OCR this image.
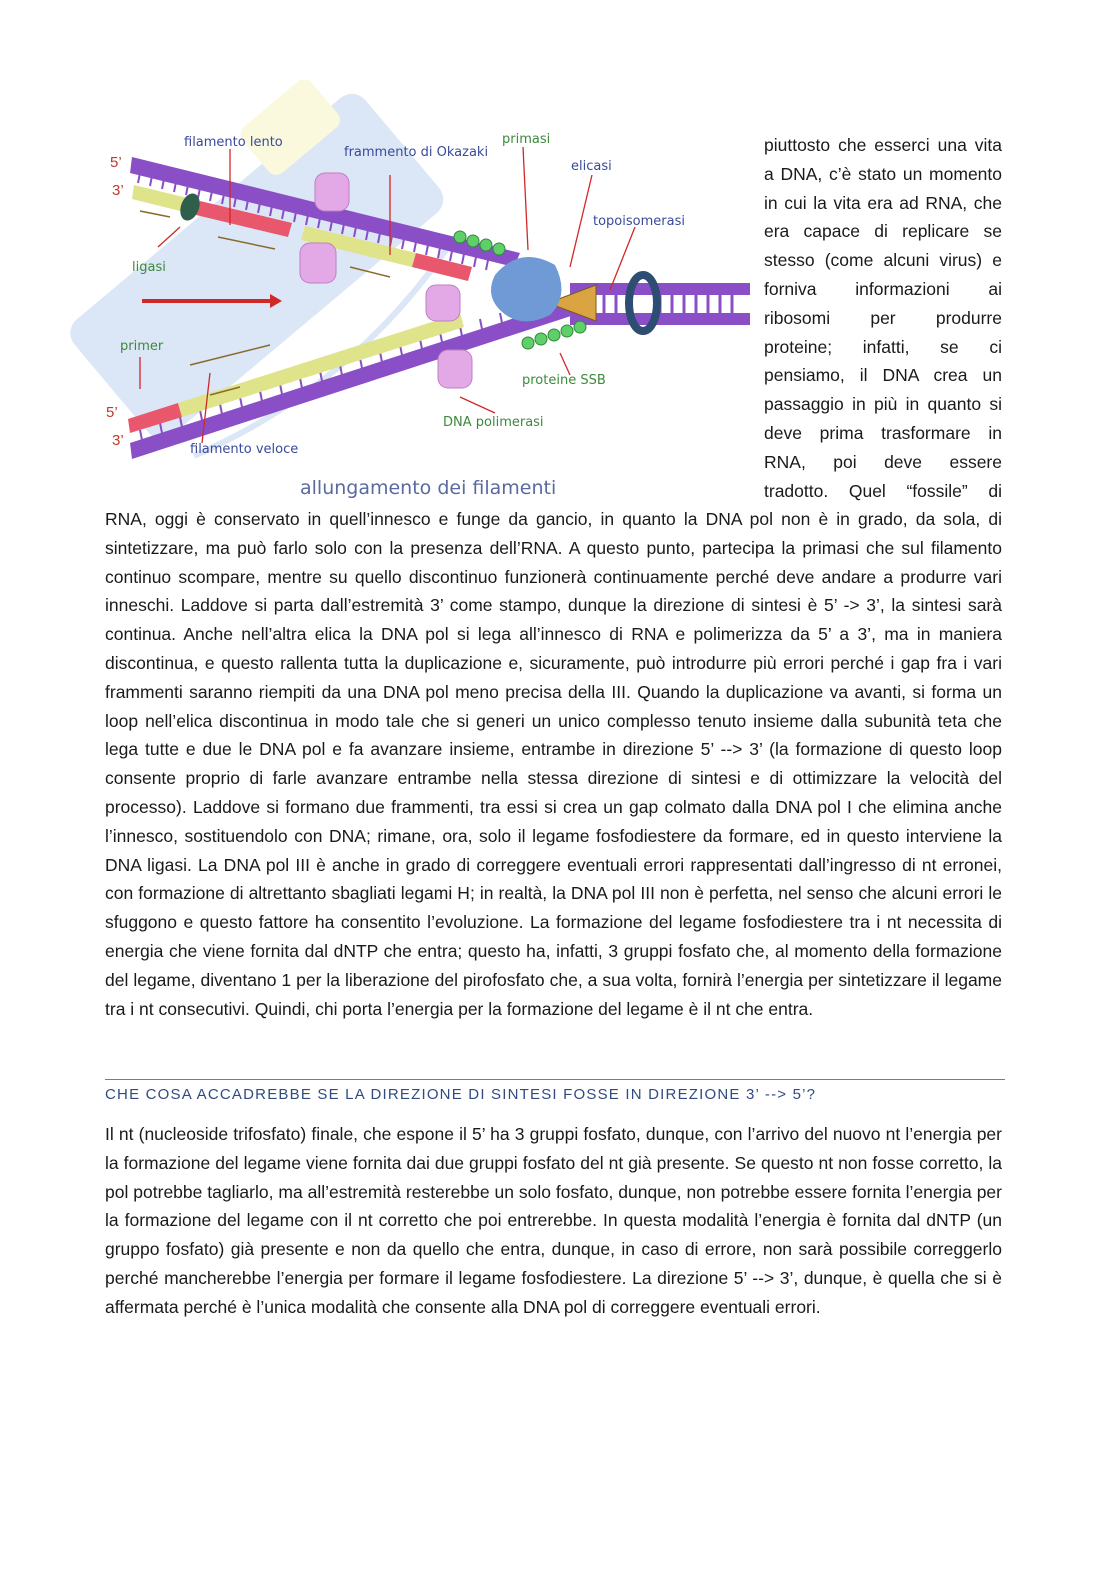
5’
3’
5’
3’
filamento lento
frammento di Okazaki
primasi
elicasi
topoisomerasi
ligasi
primer
proteine SSB
DNA polimerasi
filamento veloce
allungamento dei filamenti

piuttosto che esserci una vita a DNA, c’è stato un momento in cui la vita era ad RNA, che era capace di replicare se stesso (come alcuni virus) e forniva informazioni ai ribosomi per produrre proteine; infatti, se ci pensiamo, il DNA crea un passaggio in più in quanto si deve prima trasformare in RNA, poi deve essere tradotto. Quel “fossile” di

RNA, oggi è conservato in quell’innesco e funge da gancio, in quanto la DNA pol non è in grado, da sola, di sintetizzare, ma può farlo solo con la presenza dell’RNA. A questo punto, partecipa la primasi che sul filamento continuo scompare, mentre su quello discontinuo funzionerà continuamente perché deve andare a produrre vari inneschi. Laddove si parta dall’estremità 3’ come stampo, dunque la direzione di sintesi è 5’ -> 3’, la sintesi sarà continua. Anche nell’altra elica la DNA pol si lega all’innesco di RNA e polimerizza da 5’ a 3’, ma in maniera discontinua, e questo rallenta tutta la duplicazione e, sicuramente, può introdurre più errori perché i gap fra i vari frammenti saranno riempiti da una DNA pol meno precisa della III. Quando la duplicazione va avanti, si forma un loop nell’elica discontinua in modo tale che si generi un unico complesso tenuto insieme dalla subunità teta che lega tutte e due le DNA pol e fa avanzare insieme, entrambe in direzione 5’ --> 3’ (la formazione di questo loop consente proprio di farle avanzare entrambe nella stessa direzione di sintesi e di ottimizzare la velocità del processo). Laddove si formano due frammenti, tra essi si crea un gap colmato dalla DNA pol I che elimina anche l’innesco, sostituendolo con DNA; rimane, ora, solo il legame fosfodiestere da formare, ed in questo interviene la DNA ligasi. La DNA pol III è anche in grado di correggere eventuali errori rappresentati dall’ingresso di nt erronei, con formazione di altrettanto sbagliati legami H; in realtà, la DNA pol III non è perfetta, nel senso che alcuni errori le sfuggono e questo fattore ha consentito l’evoluzione. La formazione del legame fosfodiestere tra i nt necessita di energia che viene fornita dal dNTP che entra; questo ha, infatti, 3 gruppi fosfato che, al momento della formazione del legame, diventano 1 per la liberazione del pirofosfato che, a sua volta, fornirà l’energia per sintetizzare il legame tra i nt consecutivi. Quindi, chi porta l’energia per la formazione del legame è il nt che entra.

CHE COSA ACCADREBBE SE LA DIREZIONE DI SINTESI FOSSE IN DIREZIONE 3’ --> 5’?

Il nt (nucleoside trifosfato) finale, che espone il 5’ ha 3 gruppi fosfato, dunque, con l’arrivo del nuovo nt l’energia per la formazione del legame viene fornita dai due gruppi fosfato del nt già presente. Se questo nt non fosse corretto, la pol potrebbe tagliarlo, ma all’estremità resterebbe un solo fosfato, dunque, non potrebbe essere fornita l’energia per la formazione del legame con il nt corretto che poi entrerebbe. In questa modalità l’energia è fornita dal dNTP (un gruppo fosfato) già presente e non da quello che entra, dunque, in caso di errore, non sarà possibile correggerlo perché mancherebbe l’energia per formare il legame fosfodiestere. La direzione 5’ --> 3’, dunque, è quella che si è affermata perché è l’unica modalità che consente alla DNA pol di correggere eventuali errori.
